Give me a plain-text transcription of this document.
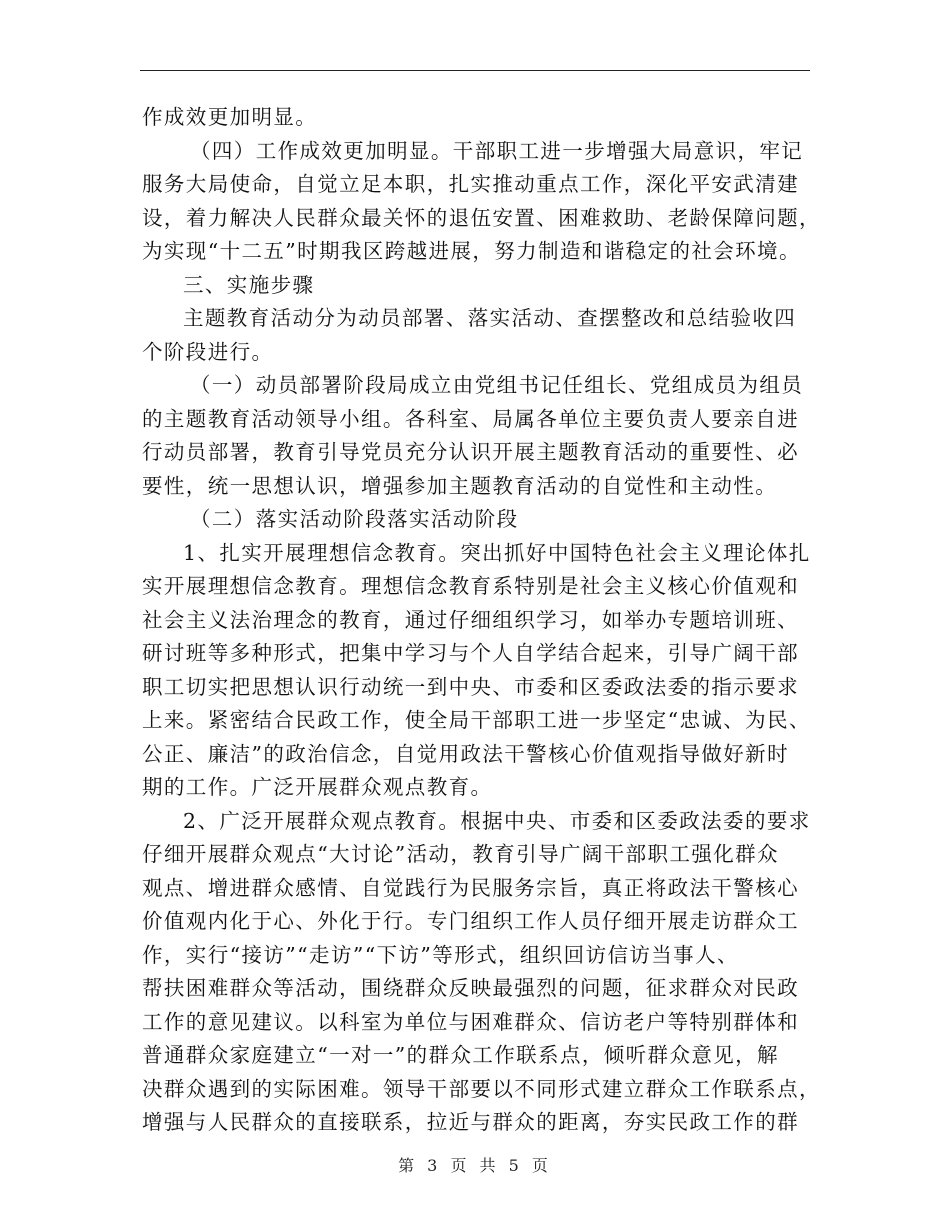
作成效更加明显。
（四）工作成效更加明显。干部职工进一步增强大局意识，牢记
服务大局使命，自觉立足本职，扎实推动重点工作，深化平安武清建
设，着力解决人民群众最关怀的退伍安置、困难救助、老龄保障问题，
为实现“十二五”时期我区跨越进展，努力制造和谐稳定的社会环境。
三、实施步骤
主题教育活动分为动员部署、落实活动、查摆整改和总结验收四
个阶段进行。
（一）动员部署阶段局成立由党组书记任组长、党组成员为组员
的主题教育活动领导小组。各科室、局属各单位主要负责人要亲自进
行动员部署，教育引导党员充分认识开展主题教育活动的重要性、必
要性，统一思想认识，增强参加主题教育活动的自觉性和主动性。
（二）落实活动阶段落实活动阶段
1、扎实开展理想信念教育。突出抓好中国特色社会主义理论体扎
实开展理想信念教育。理想信念教育系特别是社会主义核心价值观和
社会主义法治理念的教育，通过仔细组织学习，如举办专题培训班、
研讨班等多种形式，把集中学习与个人自学结合起来，引导广阔干部
职工切实把思想认识行动统一到中央、市委和区委政法委的指示要求
上来。紧密结合民政工作，使全局干部职工进一步坚定“忠诚、为民、
公正、廉洁”的政治信念，自觉用政法干警核心价值观指导做好新时
期的工作。广泛开展群众观点教育。
2、广泛开展群众观点教育。根据中央、市委和区委政法委的要求
仔细开展群众观点“大讨论”活动，教育引导广阔干部职工强化群众
观点、增进群众感情、自觉践行为民服务宗旨，真正将政法干警核心
价值观内化于心、外化于行。专门组织工作人员仔细开展走访群众工
作，实行“接访”“走访”“下访”等形式，组织回访信访当事人、
帮扶困难群众等活动，围绕群众反映最强烈的问题，征求群众对民政
工作的意见建议。以科室为单位与困难群众、信访老户等特别群体和
普通群众家庭建立“一对一”的群众工作联系点，倾听群众意见，解
决群众遇到的实际困难。领导干部要以不同形式建立群众工作联系点，
增强与人民群众的直接联系，拉近与群众的距离，夯实民政工作的群
第 3 页 共 5 页
